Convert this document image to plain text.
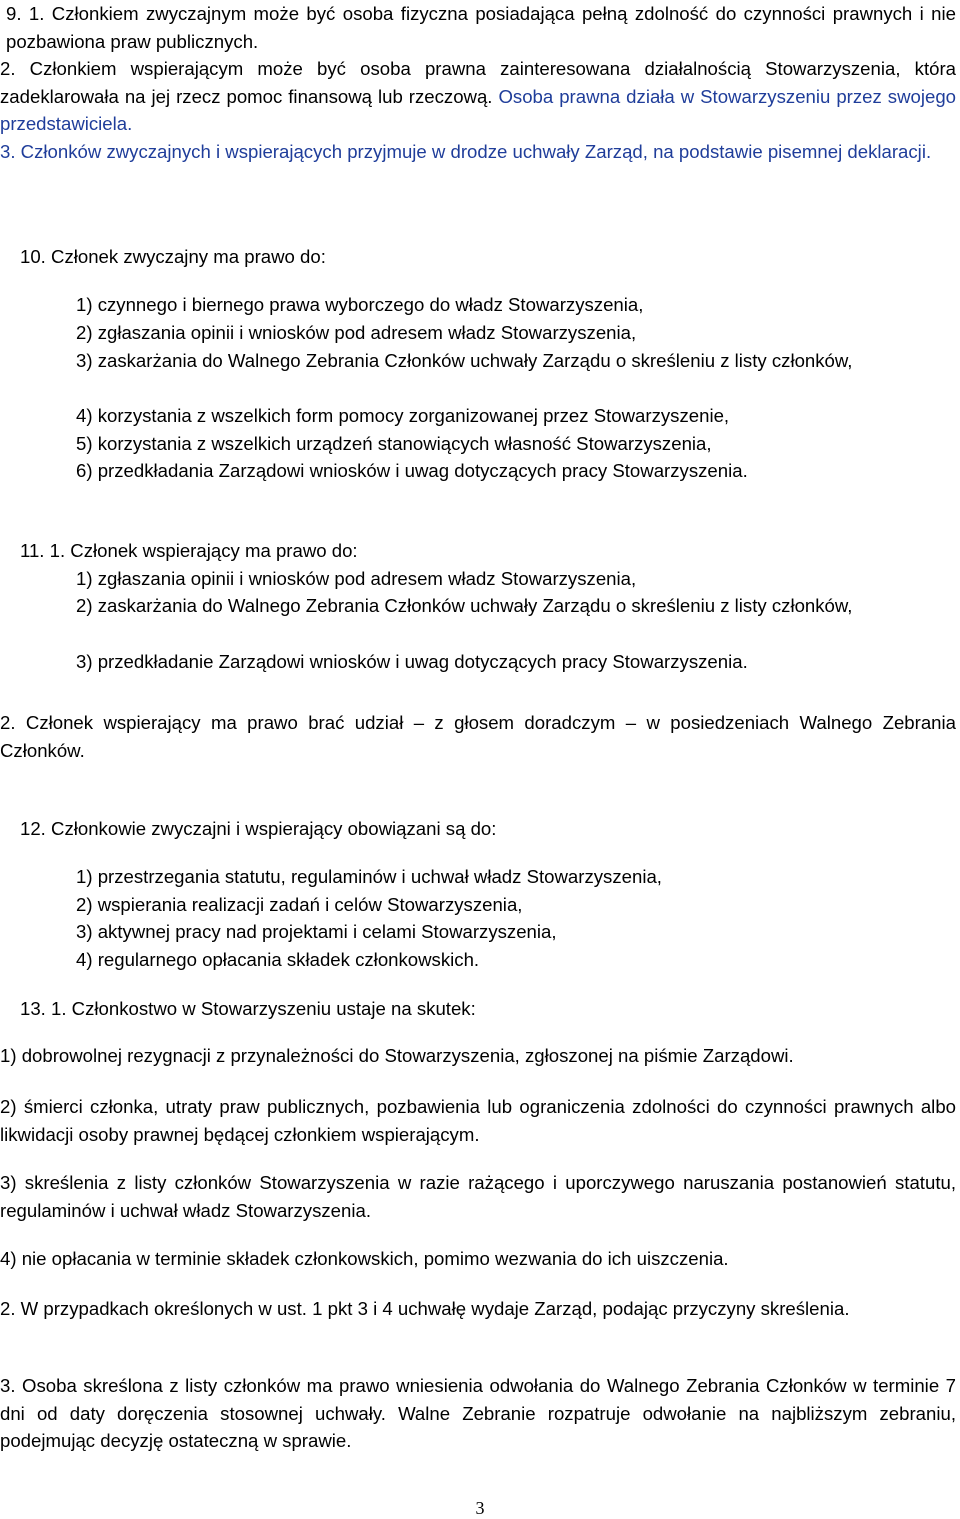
9. 1. Członkiem zwyczajnym może być osoba fizyczna posiadająca pełną zdolność do czynności prawnych i nie pozbawiona praw publicznych.

2. Członkiem wspierającym może być osoba prawna zainteresowana działalnością Stowarzyszenia, która zadeklarowała na jej rzecz pomoc finansową lub rzeczową. Osoba prawna działa w Stowarzyszeniu przez swojego przedstawiciela.

3. Członków zwyczajnych i wspierających przyjmuje w drodze uchwały Zarząd, na podstawie pisemnej deklaracji.

10. Członek zwyczajny ma prawo do:

1) czynnego i biernego prawa wyborczego do władz Stowarzyszenia,

2) zgłaszania opinii i wniosków pod adresem władz Stowarzyszenia,

3) zaskarżania do Walnego Zebrania Członków uchwały Zarządu o skreśleniu z listy członków,

4) korzystania z wszelkich form pomocy zorganizowanej przez Stowarzyszenie,

5) korzystania z wszelkich urządzeń stanowiących własność Stowarzyszenia,

6) przedkładania Zarządowi wniosków i uwag dotyczących pracy Stowarzyszenia.

11. 1. Członek wspierający ma prawo do:

1) zgłaszania opinii i wniosków pod adresem władz Stowarzyszenia,

2) zaskarżania do Walnego Zebrania Członków uchwały Zarządu o skreśleniu z listy członków,

3) przedkładanie Zarządowi wniosków i uwag dotyczących pracy Stowarzyszenia.

2. Członek wspierający ma prawo brać udział – z głosem doradczym – w posiedzeniach Walnego Zebrania Członków.

12. Członkowie zwyczajni i wspierający obowiązani są do:

1) przestrzegania statutu, regulaminów i uchwał władz Stowarzyszenia,

2) wspierania realizacji zadań i celów Stowarzyszenia,

3) aktywnej pracy nad projektami i celami Stowarzyszenia,

4) regularnego opłacania składek członkowskich.

13. 1. Członkostwo w Stowarzyszeniu ustaje na skutek:

1) dobrowolnej rezygnacji z przynależności do Stowarzyszenia, zgłoszonej na piśmie Zarządowi.

2) śmierci członka, utraty praw publicznych, pozbawienia lub ograniczenia zdolności do czynności prawnych albo likwidacji osoby prawnej będącej członkiem wspierającym.

3) skreślenia z listy członków Stowarzyszenia w razie rażącego i uporczywego naruszania postanowień statutu, regulaminów i uchwał władz Stowarzyszenia.

4) nie opłacania w terminie składek członkowskich, pomimo wezwania do ich uiszczenia.

2. W przypadkach określonych w ust. 1 pkt 3 i 4 uchwałę wydaje Zarząd, podając przyczyny skreślenia.

3. Osoba skreślona z listy członków ma prawo wniesienia odwołania do Walnego Zebrania Członków w terminie 7 dni od daty doręczenia stosownej uchwały. Walne Zebranie rozpatruje odwołanie na najbliższym zebraniu, podejmując decyzję ostateczną w sprawie.

3
